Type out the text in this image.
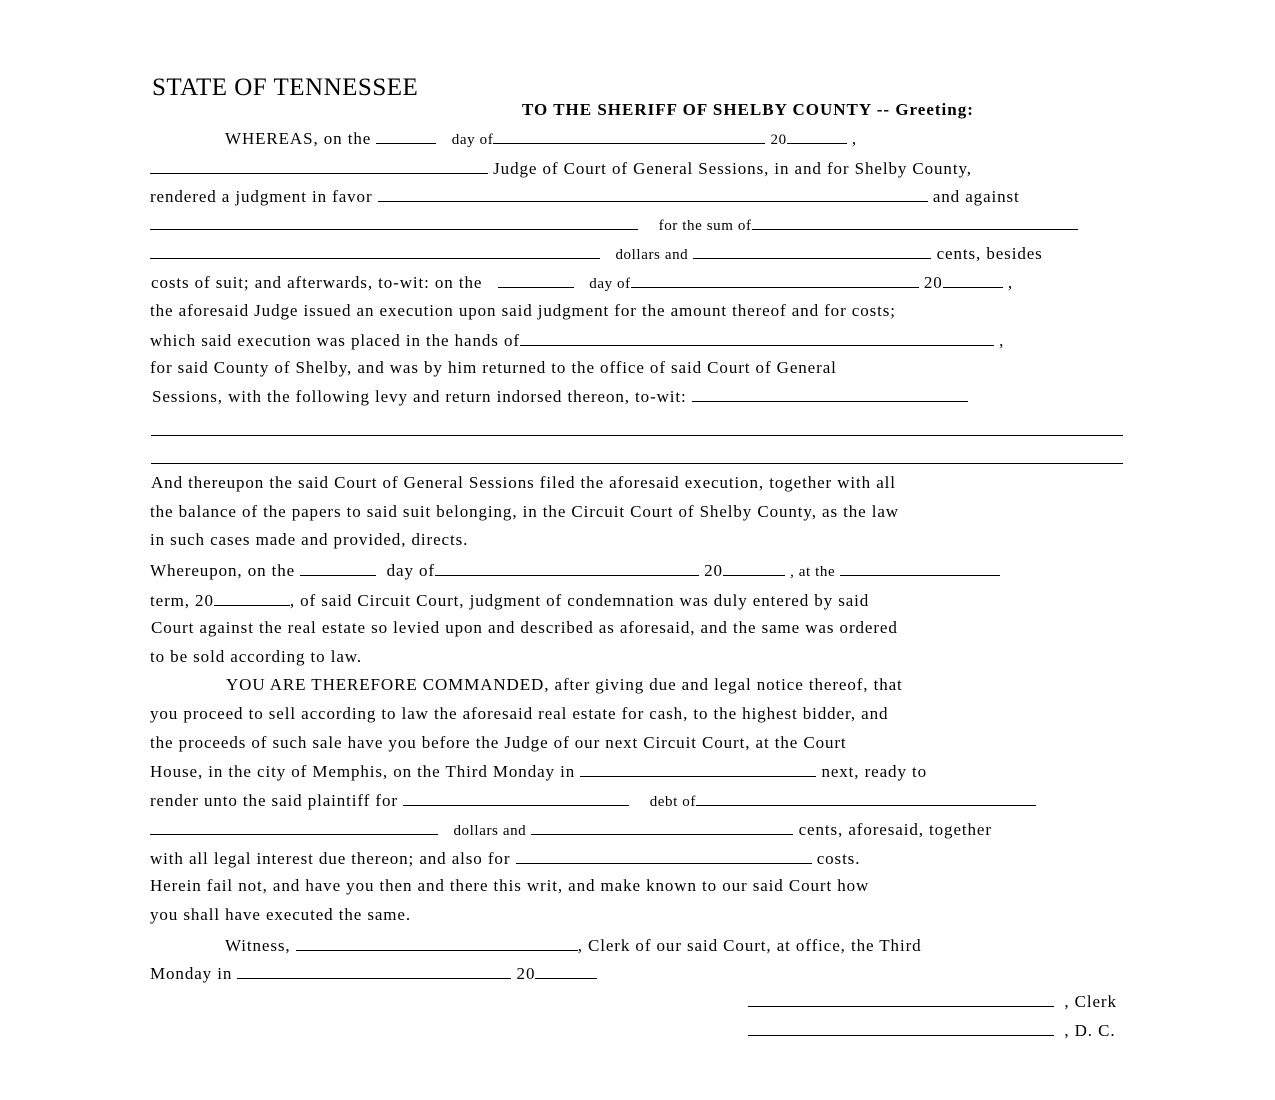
STATE OF TENNESSEE
TO THE SHERIFF OF SHELBY COUNTY -- Greeting:
WHEREAS, on the	day of	20	,
Judge of Court of General Sessions, in and for Shelby County,
rendered a judgment in favor	and against
for the sum of
dollars and	cents, besides
costs of suit; and afterwards, to-wit: on the	day of	20	,
the aforesaid Judge issued an execution upon said judgment for the amount thereof and for costs;
which said execution was placed in the hands of	,
for said County of Shelby, and was by him returned to the office of said Court of General
Sessions, with the following levy and return indorsed thereon, to-wit:
And thereupon the said Court of General Sessions filed the aforesaid execution, together with all
the balance of the papers to said suit belonging, in the Circuit Court of Shelby County, as the law
in such cases made and provided, directs.
Whereupon, on the	day of	20	, at the
term, 20	, of said Circuit Court, judgment of condemnation was duly entered by said
Court against the real estate so levied upon and described as aforesaid, and the same was ordered
to be sold according to law.
YOU ARE THEREFORE COMMANDED, after giving due and legal notice thereof, that
you proceed to sell according to law the aforesaid real estate for cash, to the highest bidder, and
the proceeds of such sale have you before the Judge of our next Circuit Court, at the Court
House, in the city of Memphis, on the Third Monday in	next, ready to
render unto the said plaintiff for	debt of
dollars and	cents, aforesaid, together
with all legal interest due thereon; and also for	costs.
Herein fail not, and have you then and there this writ, and make known to our said Court how
you shall have executed the same.
Witness,	, Clerk of our said Court, at office, the Third
Monday in	20
, Clerk
, D. C.
